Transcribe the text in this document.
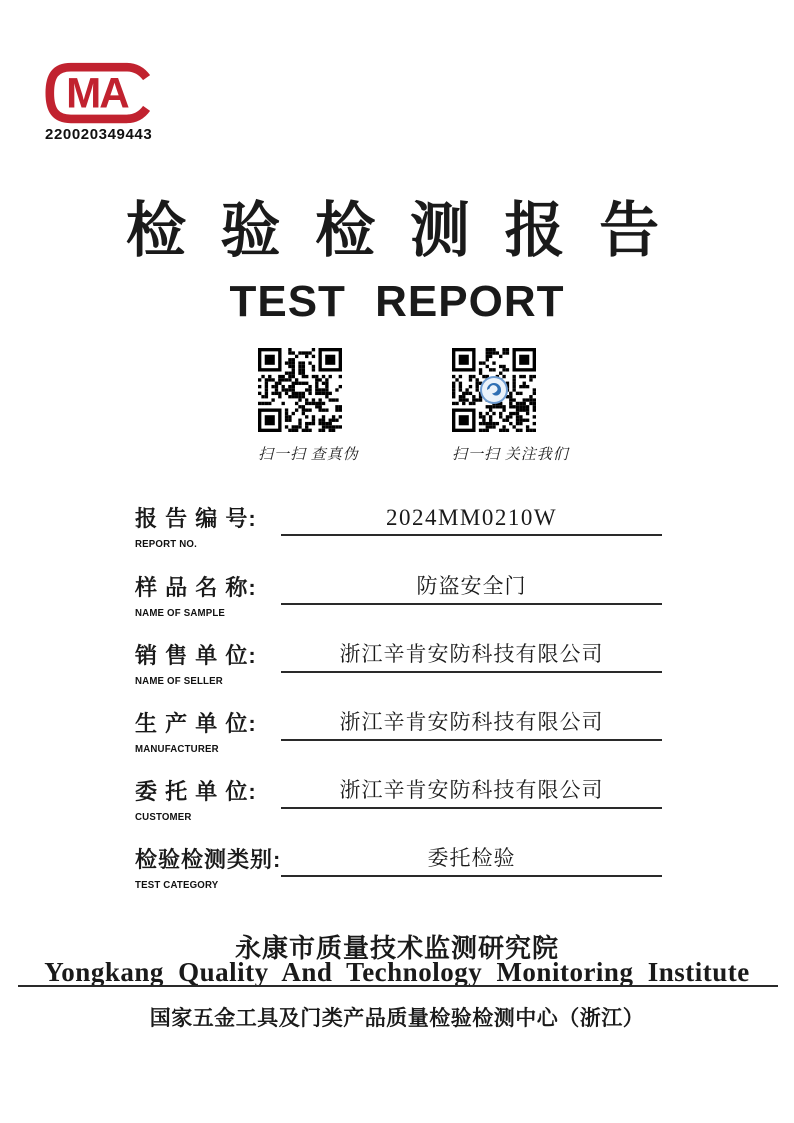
MA
220020349443
检 验 检 测 报 告
TEST REPORT
扫一扫 查真伪	扫一扫 关注我们
报 告 编 号:	2024MM0210W
REPORT NO.
样 品 名 称:	防盗安全门
NAME OF SAMPLE
销 售 单 位:	浙江辛肯安防科技有限公司
NAME OF SELLER
生 产 单 位:	浙江辛肯安防科技有限公司
MANUFACTURER
委 托 单 位:	浙江辛肯安防科技有限公司
CUSTOMER
检验检测类别:	委托检验
TEST CATEGORY
永康市质量技术监测研究院
Yongkang Quality And Technology Monitoring Institute
国家五金工具及门类产品质量检验检测中心（浙江）
